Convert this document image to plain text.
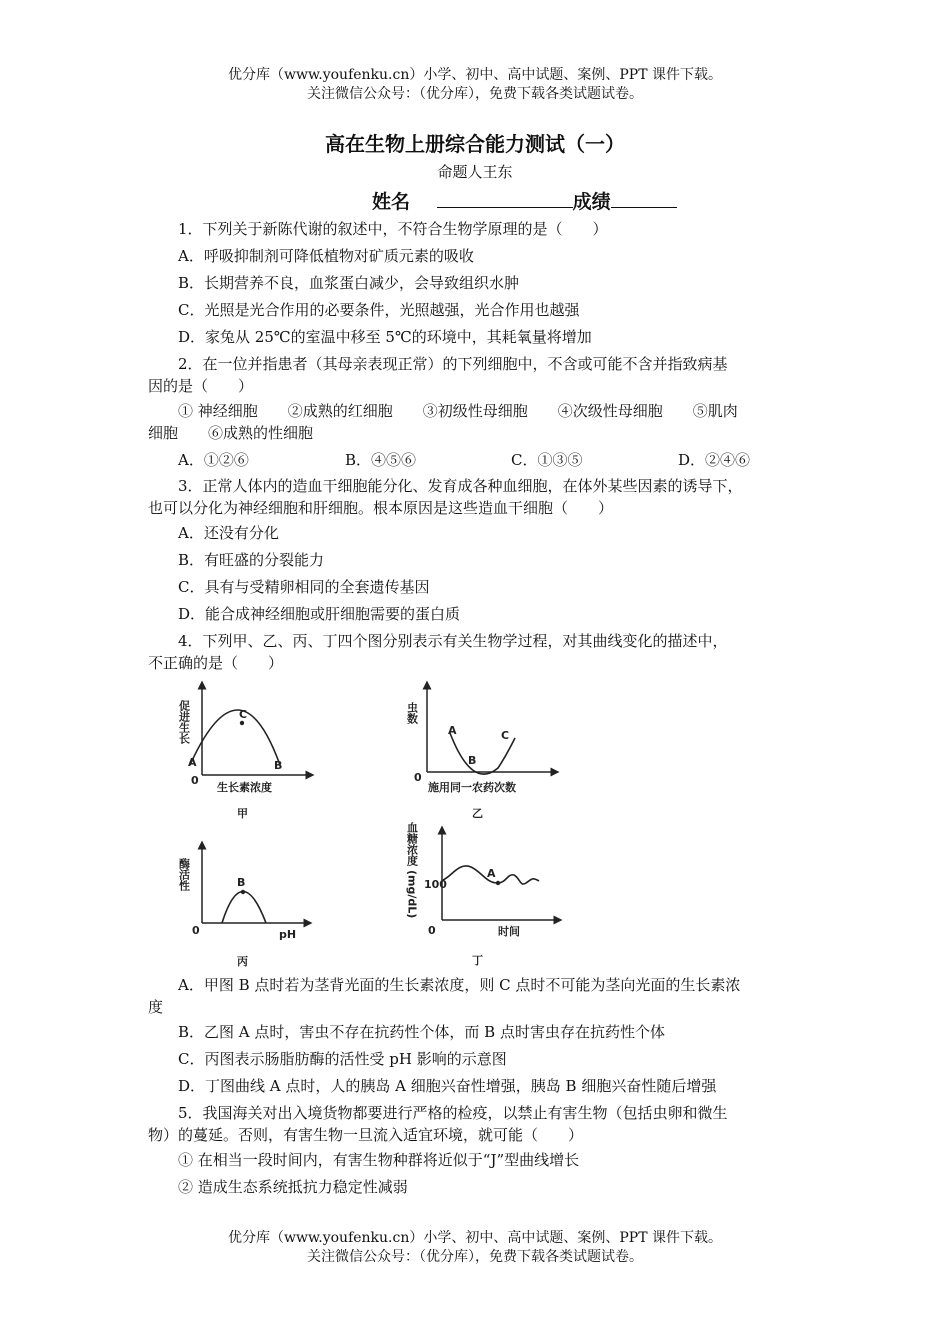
优分库（www.youfenku.cn）小学、初中、高中试题、案例、PPT 课件下载。
关注微信公众号：（优分库），免费下载各类试题试卷。
高在生物上册综合能力测试（一）
命题人王东
姓名	成绩
1．下列关于新陈代谢的叙述中，不符合生物学原理的是（　　）
A．呼吸抑制剂可降低植物对矿质元素的吸收
B．长期营养不良，血浆蛋白减少，会导致组织水肿
C．光照是光合作用的必要条件，光照越强，光合作用也越强
D．家兔从 25℃的室温中移至 5℃的环境中，其耗氧量将增加
2．在一位并指患者（其母亲表现正常）的下列细胞中，不含或可能不含并指致病基
因的是（　　）
① 神经细胞　　②成熟的红细胞　　③初级性母细胞　　④次级性母细胞　　⑤肌肉
细胞　　⑥成熟的性细胞
A．①②⑥	B．④⑤⑥	C．①③⑤	D．②④⑥
3．正常人体内的造血干细胞能分化、发育成各种血细胞，在体外某些因素的诱导下，
也可以分化为神经细胞和肝细胞。根本原因是这些造血干细胞（　　）
A．还没有分化
B．有旺盛的分裂能力
C．具有与受精卵相同的全套遗传基因
D．能合成神经细胞或肝细胞需要的蛋白质
4．下列甲、乙、丙、丁四个图分别表示有关生物学过程，对其曲线变化的描述中，
不正确的是（　　）
促进生长
生长素浓度
0
A	B
C
甲
虫数
施用同一农药次数
0
A
B
C
乙
酶活性
0	pH
B
丙
血糖浓度
(mg/dL) 100
0	时间
A
丁
A．甲图 B 点时若为茎背光面的生长素浓度，则 C 点时不可能为茎向光面的生长素浓
度
B．乙图 A 点时，害虫不存在抗药性个体，而 B 点时害虫存在抗药性个体
C．丙图表示肠脂肪酶的活性受 pH 影响的示意图
D．丁图曲线 A 点时，人的胰岛 A 细胞兴奋性增强，胰岛 B 细胞兴奋性随后增强
5．我国海关对出入境货物都要进行严格的检疫，以禁止有害生物（包括虫卵和微生
物）的蔓延。否则，有害生物一旦流入适宜环境，就可能（　　）
① 在相当一段时间内，有害生物种群将近似于“J”型曲线增长
② 造成生态系统抵抗力稳定性减弱
优分库（www.youfenku.cn）小学、初中、高中试题、案例、PPT 课件下载。
关注微信公众号：（优分库），免费下载各类试题试卷。
